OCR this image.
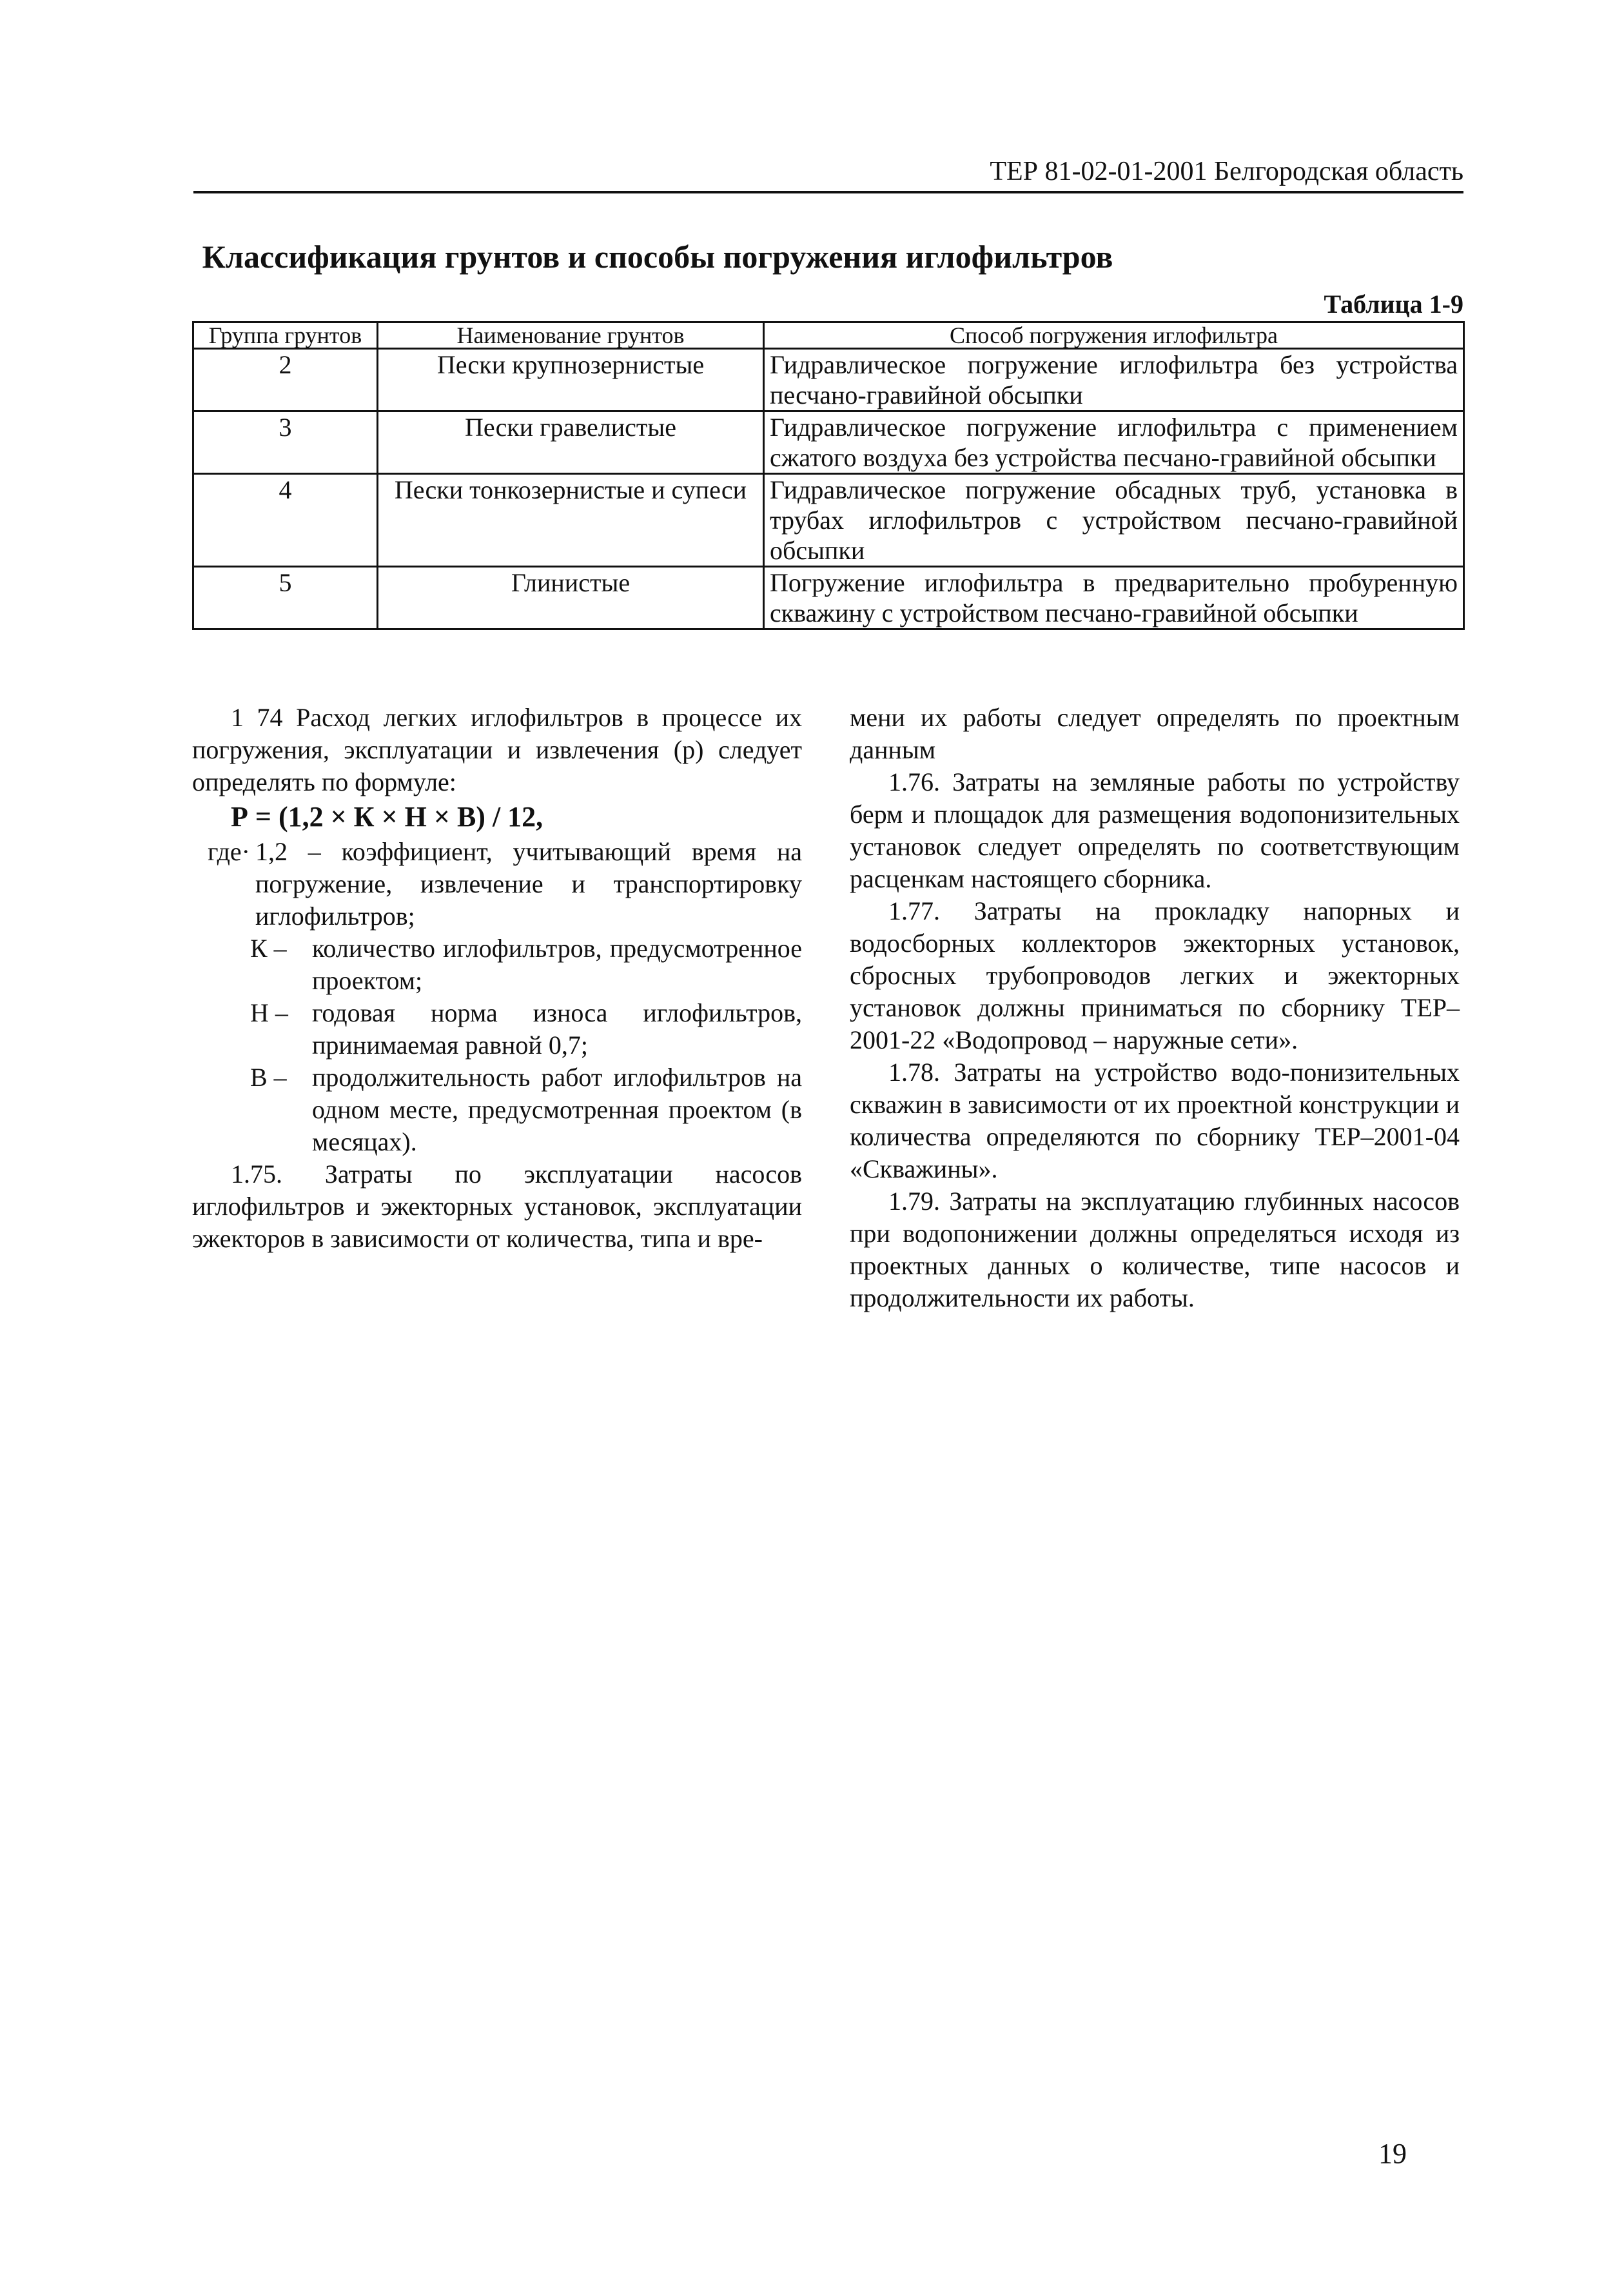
ТЕР 81-02-01-2001 Белгородская область
Классификация грунтов и способы погружения иглофильтров
Таблица 1-9
Группа грунтов	Наименование грунтов	Способ погружения иглофильтра
2	Пески крупнозернистые	Гидравлическое погружение иглофильтра без устройства песчано-гравийной обсыпки
3	Пески гравелистые	Гидравлическое погружение иглофильтра с применением сжатого воздуха без устройства песчано-гравийной обсыпки
4	Пески тонкозернистые и супеси	Гидравлическое погружение обсадных труб, установка в трубах иглофильтров с устройством песчано-гравийной обсыпки
5	Глинистые	Погружение иглофильтра в предварительно пробуренную скважину с устройством песчано-гравийной обсыпки

1 74 Расход легких иглофильтров в процессе их погружения, эксплуатации и извлечения (р) следует определять по формуле:

Р = (1,2 × К × Н × В) / 12,
где· 1,2 – коэффициент, учитывающий время на погружение, извлечение и транспортировку иглофильтров;
К – количество иглофильтров, предусмотренное проектом;
Н – годовая норма износа иглофильтров, принимаемая равной 0,7;
В – продолжительность работ иглофильтров на одном месте, предусмотренная проектом (в месяцах).

1.75. Затраты по эксплуатации насосов иглофильтров и эжекторных установок, эксплуатации эжекторов в зависимости от количества, типа и вре-

мени их работы следует определять по проектным данным

1.76. Затраты на земляные работы по устройству берм и площадок для размещения водопонизительных установок следует определять по соответствующим расценкам настоящего сборника.

1.77. Затраты на прокладку напорных и водосборных коллекторов эжекторных установок, сбросных трубопроводов легких и эжекторных установок должны приниматься по сборнику ТЕР–2001-22 «Водопровод – наружные сети».

1.78. Затраты на устройство водо-понизительных скважин в зависимости от их проектной конструкции и количества определяются по сборнику ТЕР–2001-04 «Скважины».

1.79. Затраты на эксплуатацию глубинных насосов при водопонижении должны определяться исходя из проектных данных о количестве, типе насосов и продолжительности их работы.

19
